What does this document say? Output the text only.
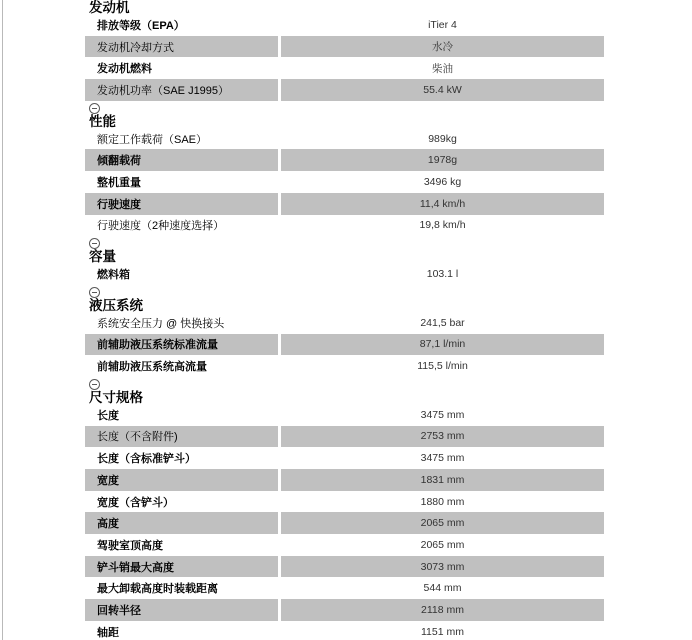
发动机
排放等级（EPA）	iTier 4
发动机冷却方式	水冷
发动机燃料	柴油
发动机功率（SAE J1995）	55.4 kW
性能
额定工作载荷（SAE）	989kg
倾翻载荷	1978g
整机重量	3496 kg
行驶速度	11,4 km/h
行驶速度（2种速度选择）	19,8 km/h
容量
燃料箱	103.1 l
液压系统
系统安全压力 @ 快换接头	241,5 bar
前辅助液压系统标准流量	87,1 l/min
前辅助液压系统高流量	115,5 l/min
尺寸规格
长度	3475 mm
长度（不含附件)	2753 mm
长度（含标准铲斗）	3475 mm
宽度	1831 mm
宽度（含铲斗）	1880 mm
高度	2065 mm
驾驶室顶高度	2065 mm
铲斗销最大高度	3073 mm
最大卸载高度时装载距离	544 mm
回转半径	2118 mm
轴距	1151 mm
